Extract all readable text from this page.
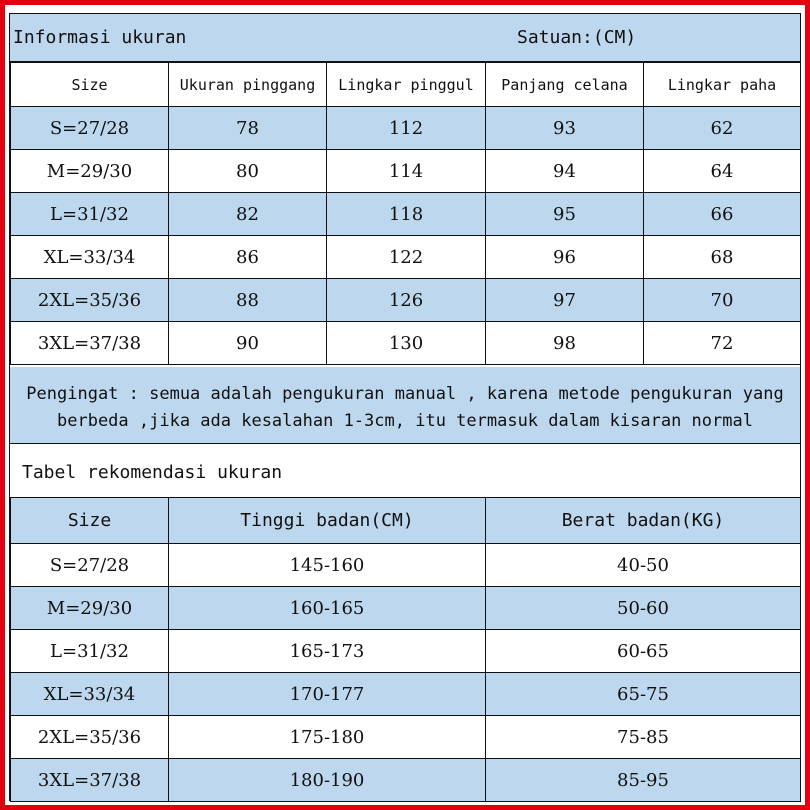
Informasi ukuran	Satuan:(CM)
Size	Ukuran pinggang	Lingkar pinggul	Panjang celana	Lingkar paha
S=27/28	78	112	93	62
M=29/30	80	114	94	64
L=31/32	82	118	95	66
XL=33/34	86	122	96	68
2XL=35/36	88	126	97	70
3XL=37/38	90	130	98	72
Pengingat : semua adalah pengukuran manual , karena metode pengukuran yang
berbeda ,jika ada kesalahan 1-3cm, itu termasuk dalam kisaran normal
Tabel rekomendasi ukuran
Size	Tinggi badan(CM)	Berat badan(KG)
S=27/28	145-160	40-50
M=29/30	160-165	50-60
L=31/32	165-173	60-65
XL=33/34	170-177	65-75
2XL=35/36	175-180	75-85
3XL=37/38	180-190	85-95
